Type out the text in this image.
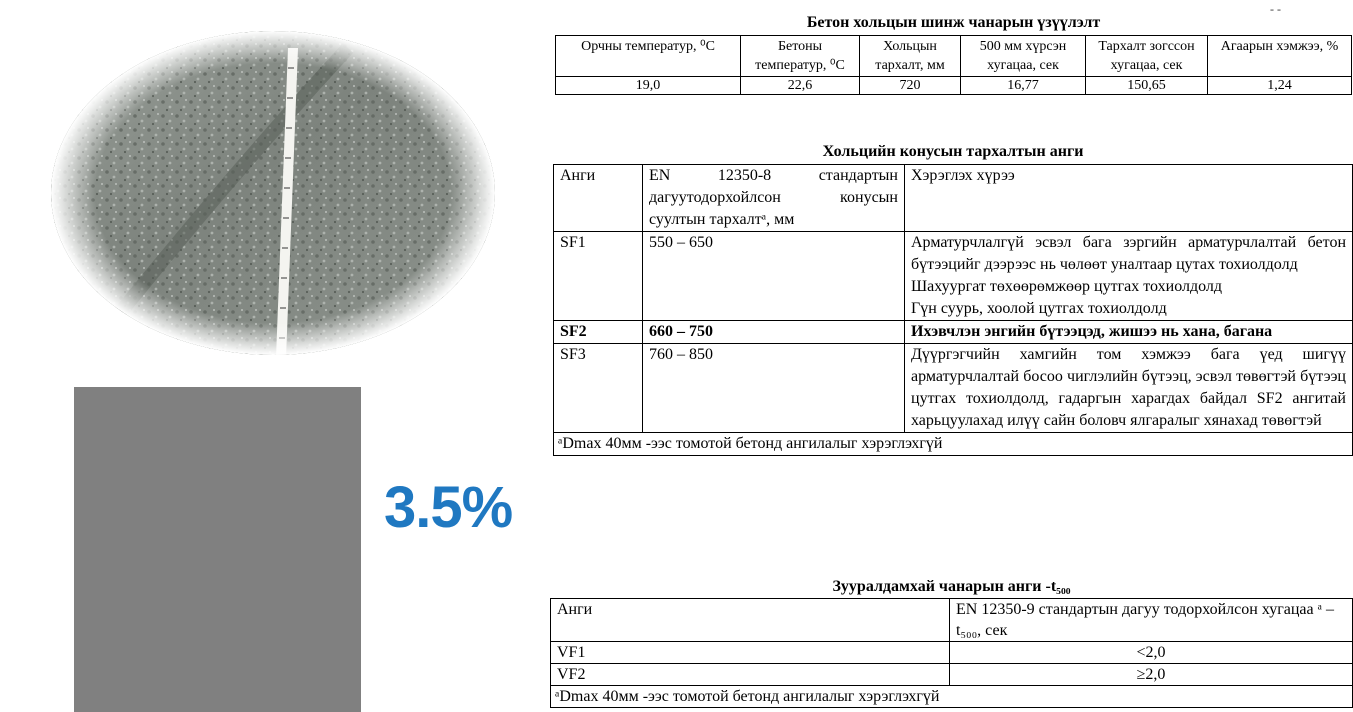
3.5%
- -
Бетон хольцын шинж чанарын үзүүлэлт
Орчны температур, ⁰C	Бетоны температур, ⁰C	Хольцын тархалт, мм	500 мм хүрсэн хугацаа, сек	Тархалт зогссон хугацаа, сек	Агаарын хэмжээ, %
19,0	22,6	720	16,77	150,65	1,24
Хольцийн конусын тархалтын анги
Анги	EN 12350-8 стандартын дагуутодорхойлсон конусын суултын тархалтᵃ, мм	Хэрэглэх хүрээ
SF1	550 – 650	Арматурчлалгүй эсвэл бага зэргийн арматурчлалтай бетон бүтээцийг дээрээс нь чөлөөт уналтаар цутах тохиолдолд
Шахуургат төхөөрөмжөөр цутгах тохиолдолд
Гүн суурь, хоолой цутгах тохиолдолд

SF2	660 – 750	Ихэвчлэн энгийн бүтээцэд, жишээ нь хана, багана
SF3	760 – 850	Дүүргэгчийн хамгийн том хэмжээ бага үед шигүү арматурчлалтай босоо чиглэлийн бүтээц, эсвэл төвөгтэй бүтээц цутгах тохиолдолд, гадаргын харагдах байдал SF2 ангитай харьцуулахад илүү сайн боловч ялгаралыг хянахад төвөгтэй
ᵃDmax 40мм -ээс томотой бетонд ангилалыг хэрэглэхгүй		
Зууралдамхай чанарын анги -t₅₀₀
Анги	EN 12350-9 стандартын дагуу тодорхойлсон хугацаа ᵃ – t₅₀₀, сек
VF1	<2,0
VF2	≥2,0
ᵃDmax 40мм -ээс томотой бетонд ангилалыг хэрэглэхгүй	
